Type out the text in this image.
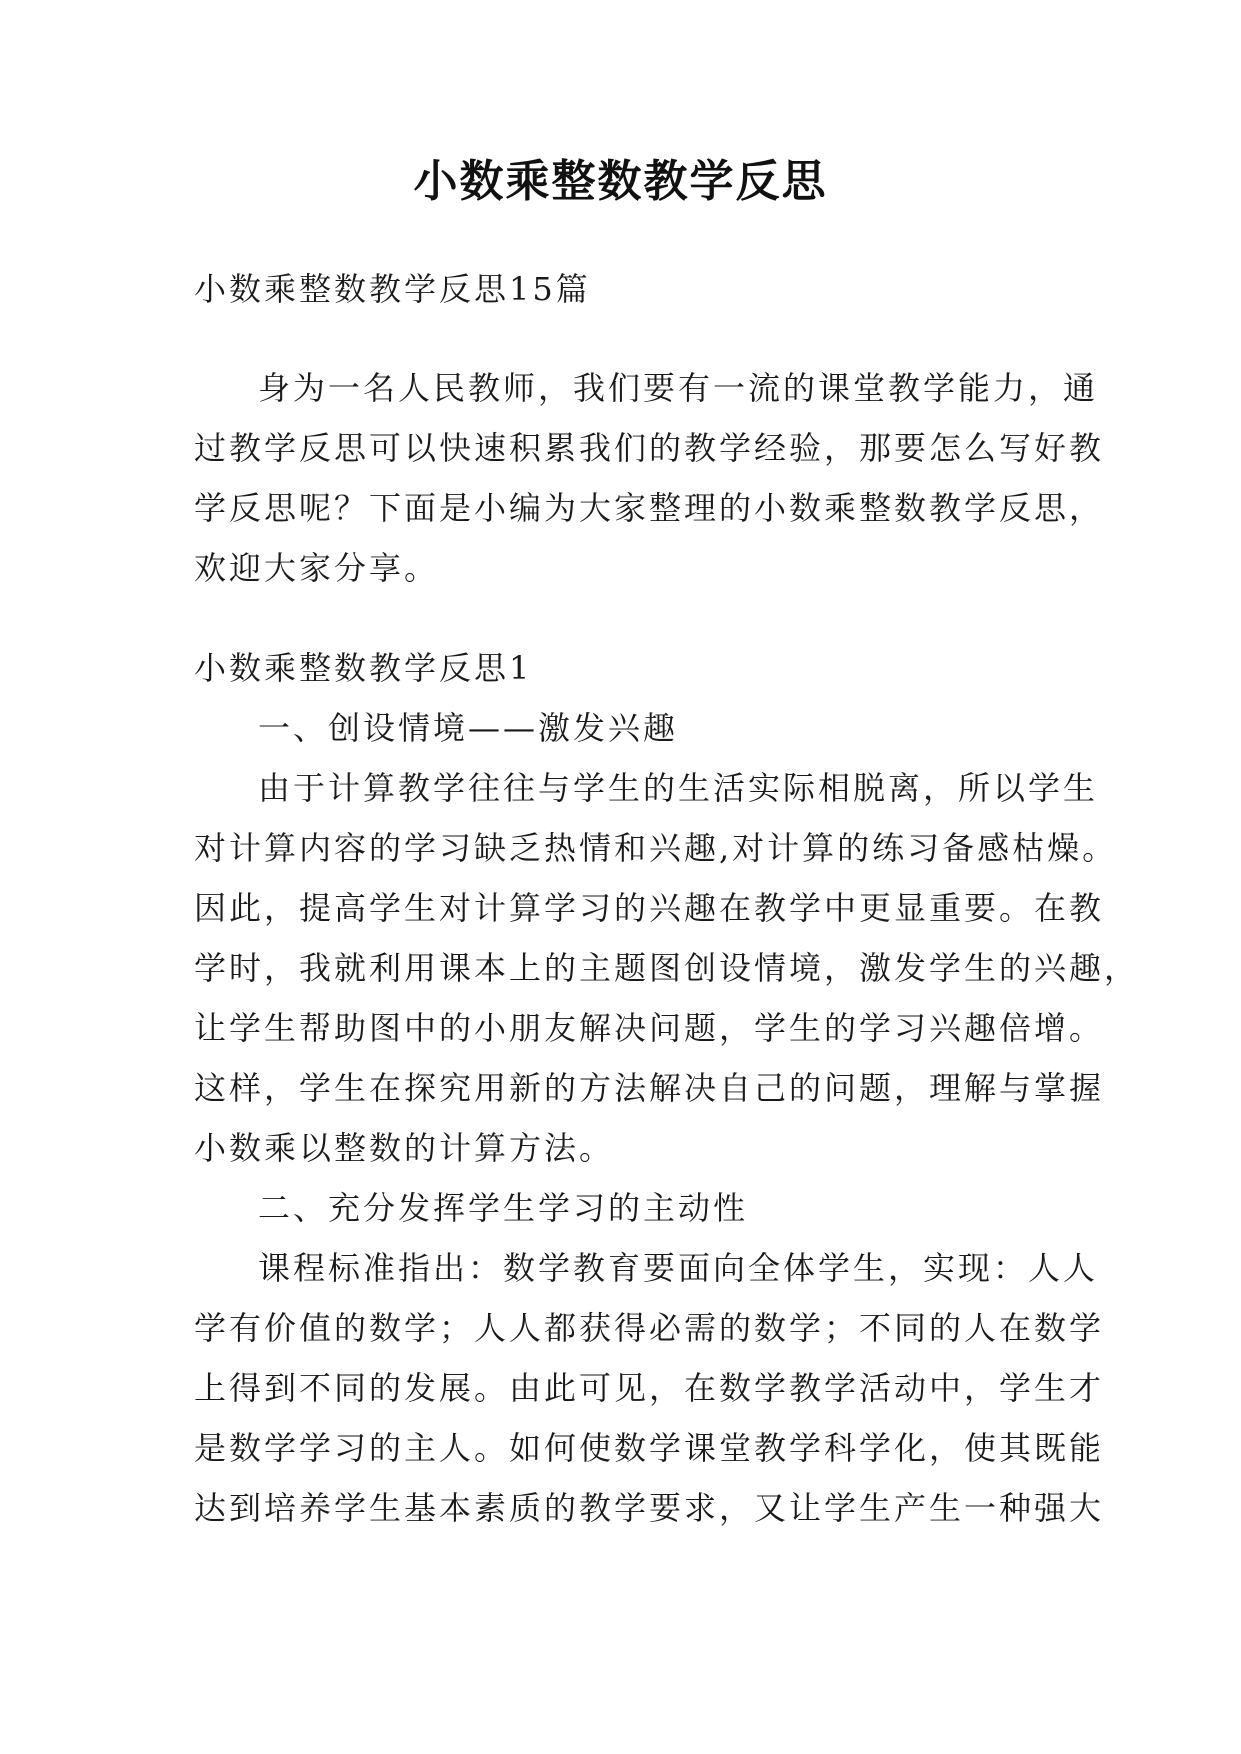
小数乘整数教学反思
小数乘整数教学反思15篇
身为一名人民教师，我们要有一流的课堂教学能力，通
过教学反思可以快速积累我们的教学经验，那要怎么写好教
学反思呢？下面是小编为大家整理的小数乘整数教学反思，
欢迎大家分享。
小数乘整数教学反思1
一、创设情境——激发兴趣
由于计算教学往往与学生的生活实际相脱离，所以学生
对计算内容的学习缺乏热情和兴趣,对计算的练习备感枯燥。
因此，提高学生对计算学习的兴趣在教学中更显重要。在教
学时，我就利用课本上的主题图创设情境，激发学生的兴趣，
让学生帮助图中的小朋友解决问题，学生的学习兴趣倍增。
这样，学生在探究用新的方法解决自己的问题，理解与掌握
小数乘以整数的计算方法。
二、充分发挥学生学习的主动性
课程标准指出：数学教育要面向全体学生，实现：人人
学有价值的数学；人人都获得必需的数学；不同的人在数学
上得到不同的发展。由此可见，在数学教学活动中，学生才
是数学学习的主人。如何使数学课堂教学科学化，使其既能
达到培养学生基本素质的教学要求，又让学生产生一种强大
